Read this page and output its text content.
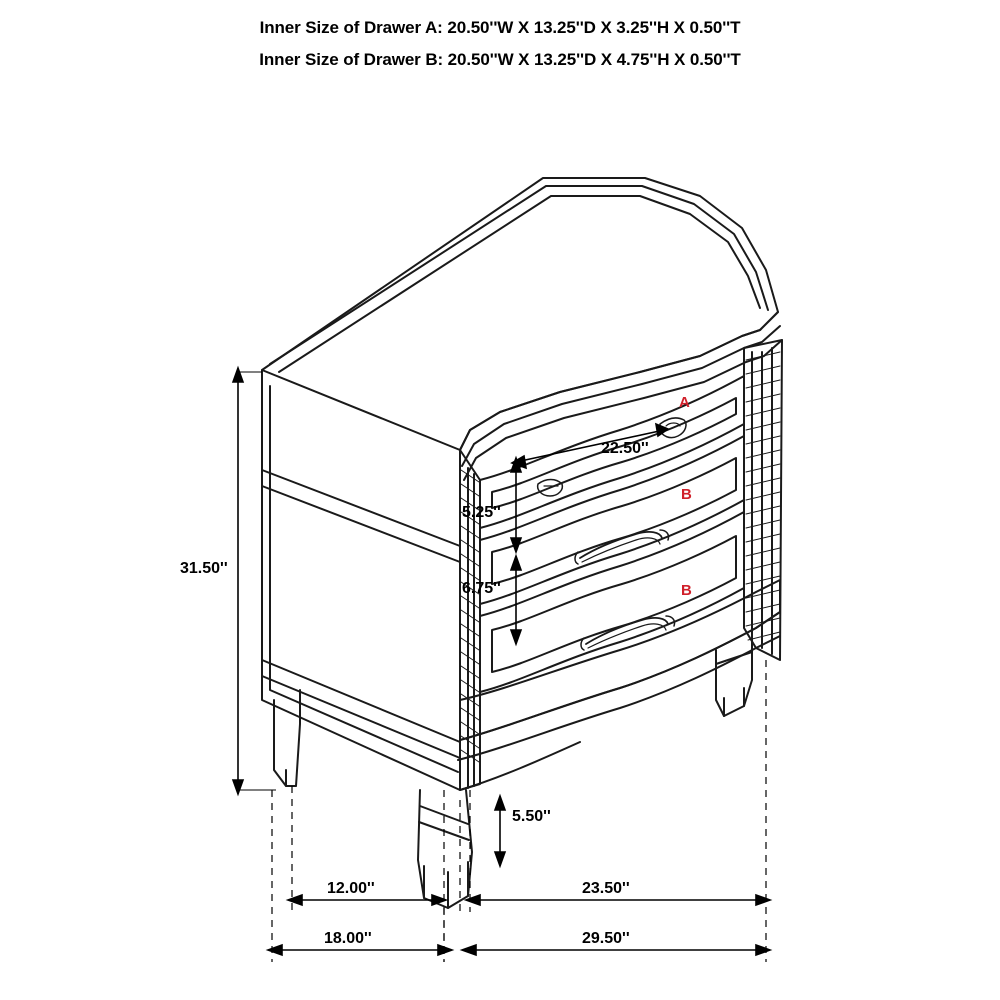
Inner Size of Drawer A: 20.50''W X 13.25''D X 3.25''H X 0.50''T
Inner Size of Drawer B: 20.50''W X 13.25''D X 4.75''H X 0.50''T
31.50''
22.50''
5.25''
6.75''
5.50''
12.00''	23.50''
18.00''	29.50''
A
B
B
